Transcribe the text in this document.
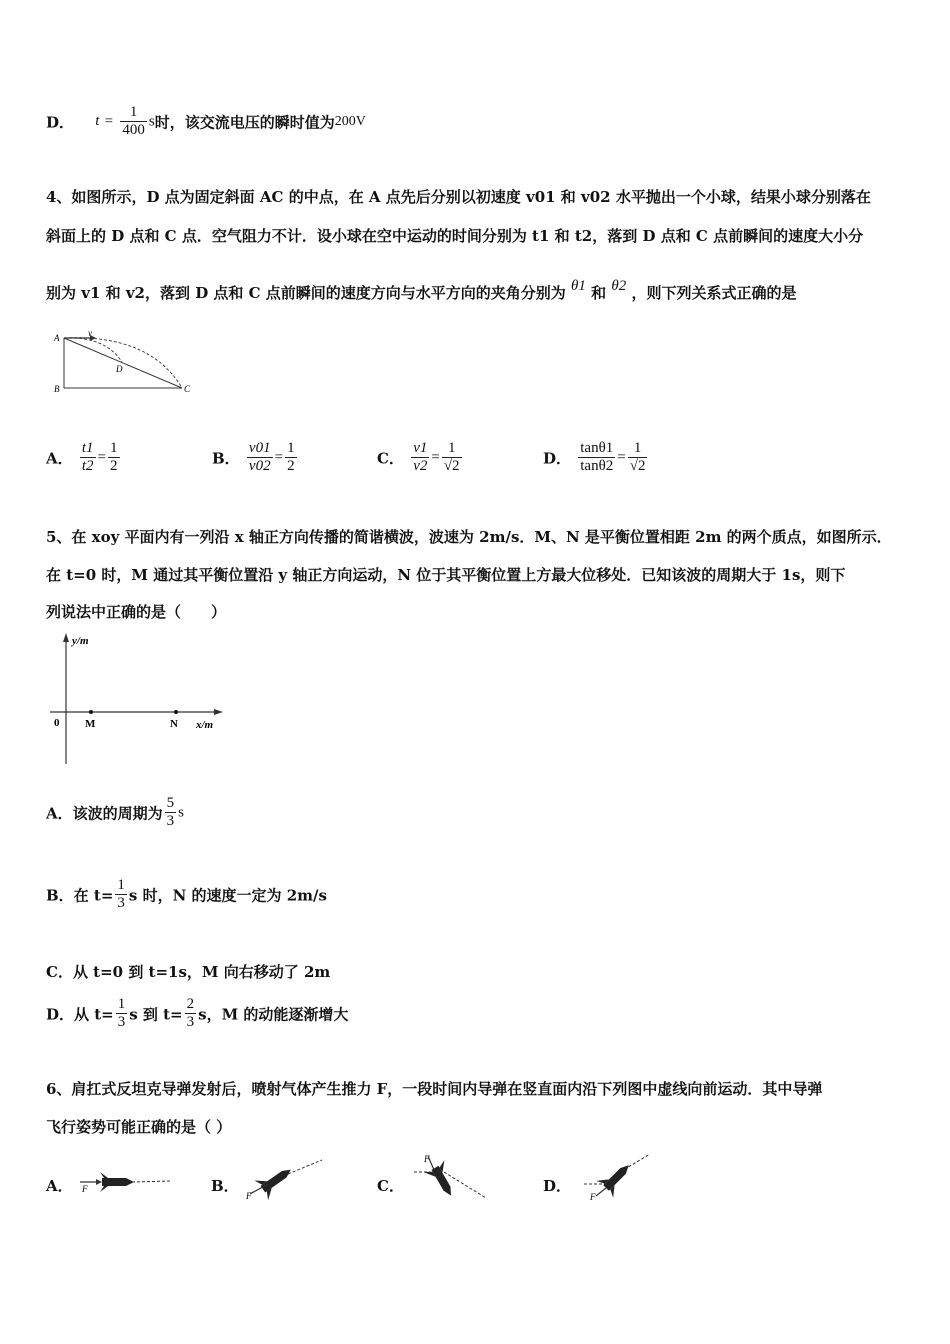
D． $t = \frac{1}{400}$ s时，该交流电压的瞬时值为200V
4、如图所示，D 点为固定斜面 AC 的中点，在 A 点先后分别以初速度 v01 和 v02 水平抛出一个小球，结果小球分别落在
斜面上的 D 点和 C 点．空气阻力不计．设小球在空中运动的时间分别为 t1 和 t2，落到 D 点和 C 点前瞬间的速度大小分
别为 v1 和 v2，落到 D 点和 C 点前瞬间的速度方向与水平方向的夹角分别为 θ1 和 θ2 ，则下列关系式正确的是
A
B	C
D
v
A． $\frac{t1}{t2} = \frac{1}{2}$	B． $\frac{v01}{v02} = \frac{1}{2}$	C． $\frac{v1}{v2} = \frac{1}{√2}$	D． $\frac{\tan\theta 1}{\tan\theta 2} = \frac{1}{√2}$
5、在 xoy 平面内有一列沿 x 轴正方向传播的简谐横波，波速为 2m/s．M、N 是平衡位置相距 2m 的两个质点，如图所示．
在 t=0 时，M 通过其平衡位置沿 y 轴正方向运动，N 位于其平衡位置上方最大位移处．已知该波的周期大于 1s，则下
列说法中正确的是（　　）
y/m
x/m
0 M	N
A．该波的周期为 $\frac{5}{3}$ s
B．在 $t= \frac{1}{3}$ s 时，N 的速度一定为 2m/s
C．从 t=0 到 t=1s，M 向右移动了 2m
D．从 $t= \frac{1}{3}$ s 到 $t= \frac{2}{3}$ s，M 的动能逐渐增大
6、肩扛式反坦克导弹发射后，喷射气体产生推力 F，一段时间内导弹在竖直面内沿下列图中虚线向前运动．其中导弹
飞行姿势可能正确的是（ ）
A． F	B．
F
C．
F
D．
F
